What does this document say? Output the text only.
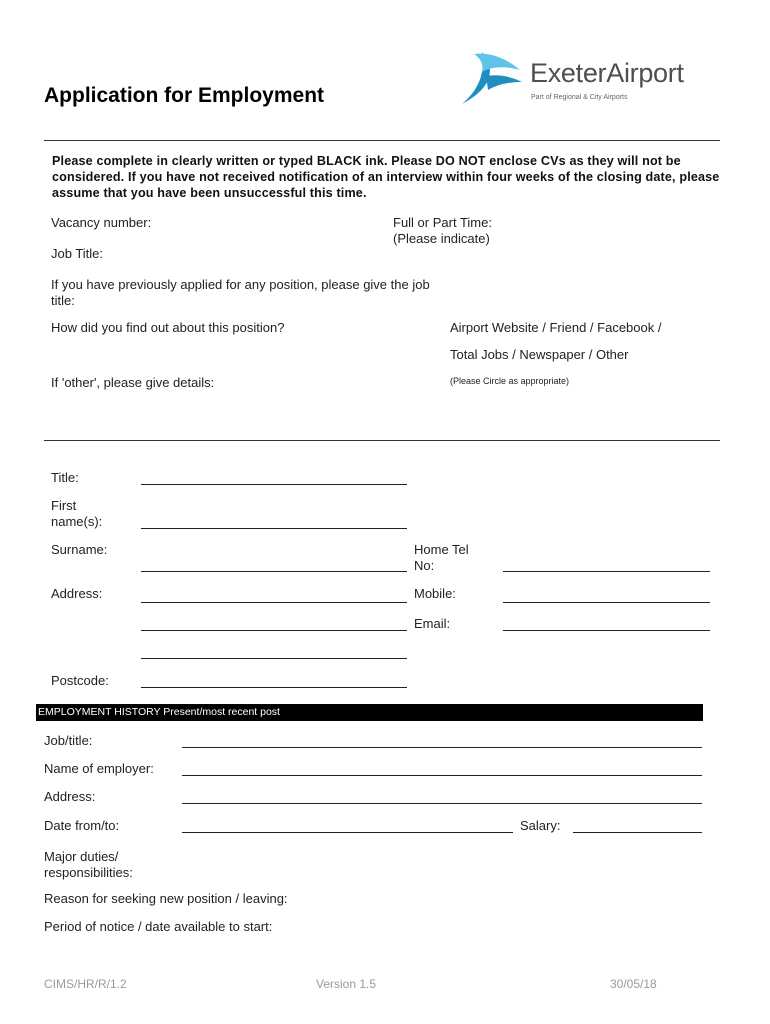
Application for Employment
ExeterAirport
Part of Regional & City Airports
Please complete in clearly written or typed BLACK ink. Please DO NOT enclose CVs as they will not be considered. If you have not received notification of an interview within four weeks of the closing date, please assume that you have been unsuccessful this time.
Vacancy number:	Full or Part Time:
(Please indicate)
Job Title:
If you have previously applied for any position, please give the job title:
How did you find out about this position?	Airport Website / Friend / Facebook /
Total Jobs / Newspaper / Other
(Please Circle as appropriate)
If 'other', please give details:
Title:
First name(s):
Surname:	Home Tel No:
Address:	Mobile:
Email:
Postcode:
EMPLOYMENT HISTORY Present/most recent post
Job/title:
Name of employer:
Address:
Date from/to:	Salary:
Major duties/ responsibilities:
Reason for seeking new position / leaving:
Period of notice / date available to start:
CIMS/HR/R/1.2	Version 1.5	30/05/18
